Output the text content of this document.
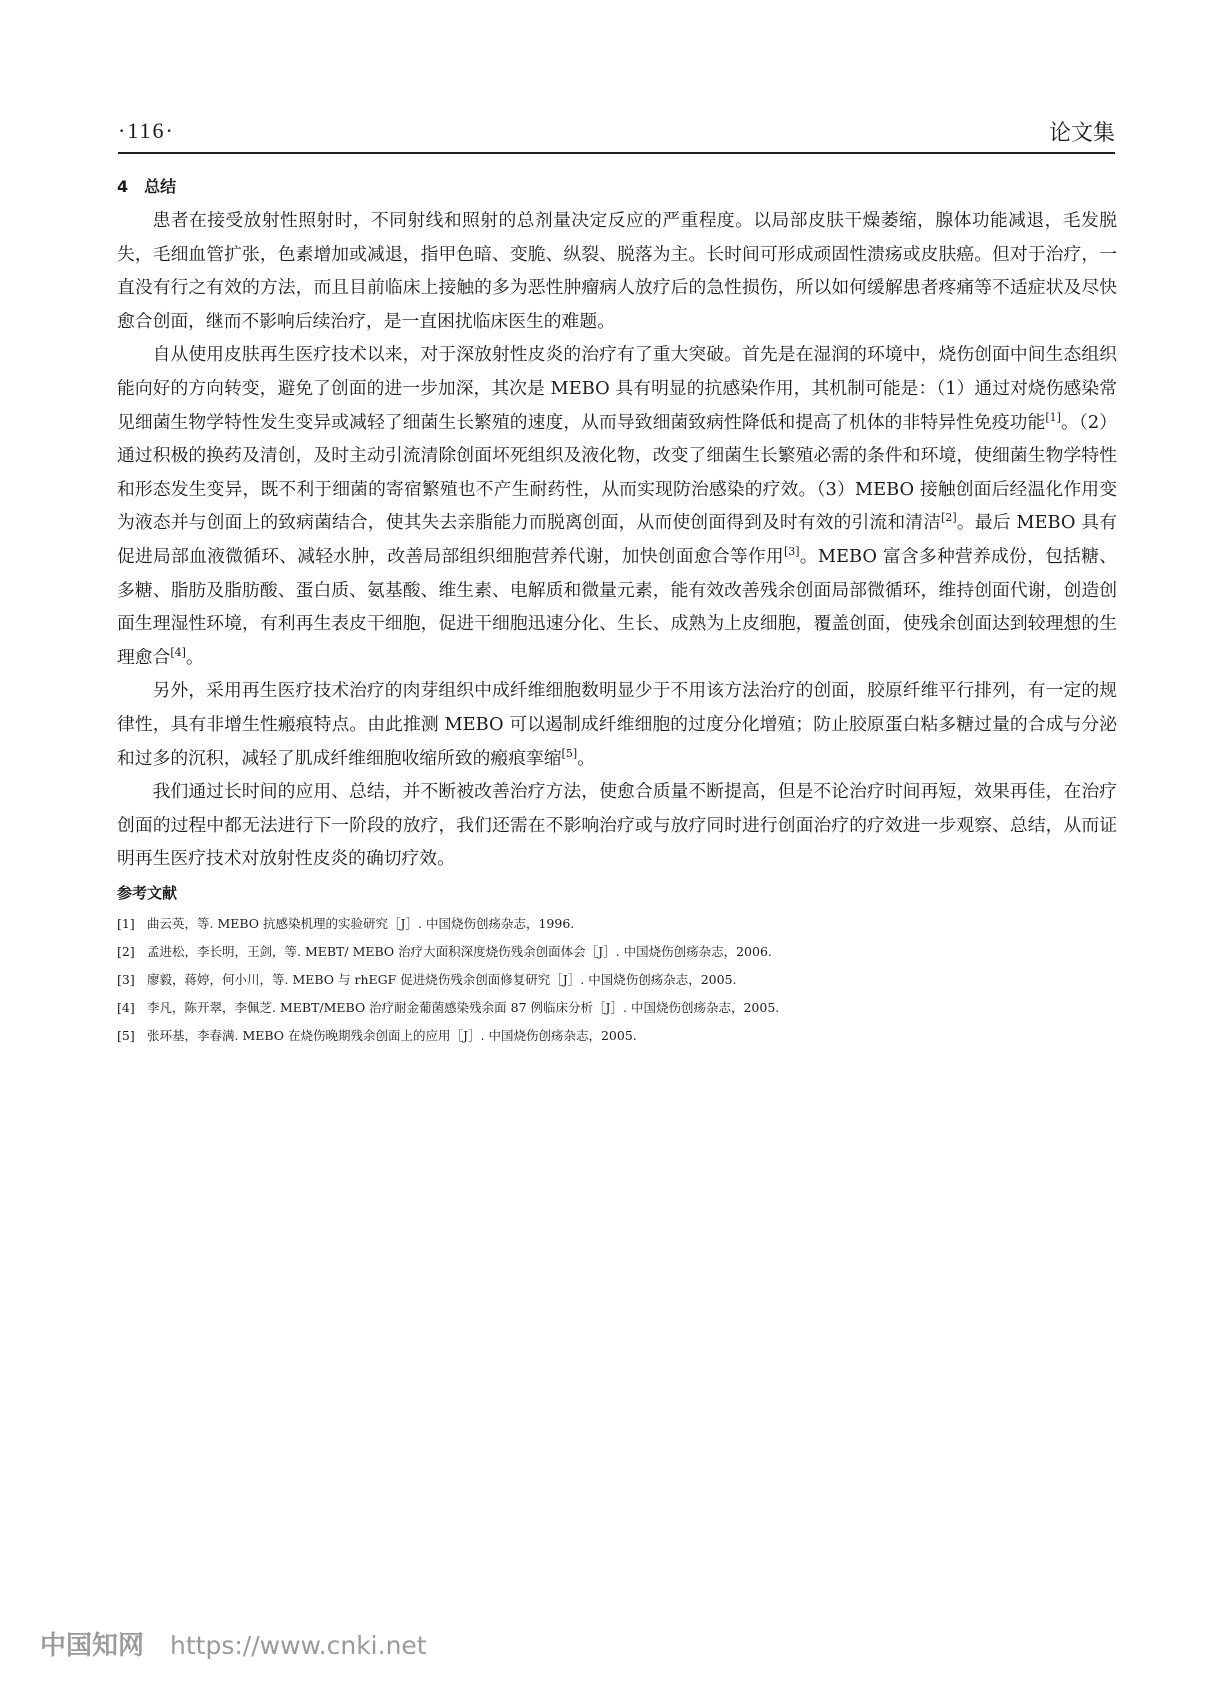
·116·	论文集
4 总结

患者在接受放射性照射时，不同射线和照射的总剂量决定反应的严重程度。以局部皮肤干燥萎缩，腺体功能减退，毛发脱失，毛细血管扩张，色素增加或减退，指甲色暗、变脆、纵裂、脱落为主。长时间可形成顽固性溃疡或皮肤癌。但对于治疗，一直没有行之有效的方法，而且目前临床上接触的多为恶性肿瘤病人放疗后的急性损伤，所以如何缓解患者疼痛等不适症状及尽快愈合创面，继而不影响后续治疗，是一直困扰临床医生的难题。

自从使用皮肤再生医疗技术以来，对于深放射性皮炎的治疗有了重大突破。首先是在湿润的环境中，烧伤创面中间生态组织能向好的方向转变，避免了创面的进一步加深，其次是 MEBO 具有明显的抗感染作用，其机制可能是：（1）通过对烧伤感染常见细菌生物学特性发生变异或减轻了细菌生长繁殖的速度，从而导致细菌致病性降低和提高了机体的非特异性免疫功能[1]。（2）通过积极的换药及清创，及时主动引流清除创面坏死组织及液化物，改变了细菌生长繁殖必需的条件和环境，使细菌生物学特性和形态发生变异，既不利于细菌的寄宿繁殖也不产生耐药性，从而实现防治感染的疗效。（3）MEBO 接触创面后经温化作用变为液态并与创面上的致病菌结合，使其失去亲脂能力而脱离创面，从而使创面得到及时有效的引流和清洁[2]。最后 MEBO 具有促进局部血液微循环、减轻水肿，改善局部组织细胞营养代谢，加快创面愈合等作用[3]。MEBO 富含多种营养成份，包括糖、多糖、脂肪及脂肪酸、蛋白质、氨基酸、维生素、电解质和微量元素，能有效改善残余创面局部微循环，维持创面代谢，创造创面生理湿性环境，有利再生表皮干细胞，促进干细胞迅速分化、生长、成熟为上皮细胞，覆盖创面，使残余创面达到较理想的生理愈合[4]。

另外，采用再生医疗技术治疗的肉芽组织中成纤维细胞数明显少于不用该方法治疗的创面，胶原纤维平行排列，有一定的规律性，具有非增生性瘢痕特点。由此推测 MEBO 可以遏制成纤维细胞的过度分化增殖；防止胶原蛋白粘多糖过量的合成与分泌和过多的沉积，减轻了肌成纤维细胞收缩所致的瘢痕挛缩[5]。

我们通过长时间的应用、总结，并不断被改善治疗方法，使愈合质量不断提高，但是不论治疗时间再短，效果再佳，在治疗创面的过程中都无法进行下一阶段的放疗，我们还需在不影响治疗或与放疗同时进行创面治疗的疗效进一步观察、总结，从而证明再生医疗技术对放射性皮炎的确切疗效。

参考文献
[1] 曲云英，等. MEBO 抗感染机理的实验研究［J］. 中国烧伤创疡杂志，1996.
[2] 孟进松，李长明，王剑，等. MEBT/ MEBO 治疗大面积深度烧伤残余创面体会［J］. 中国烧伤创疡杂志，2006.
[3] 廖毅，蒋婷，何小川，等. MEBO 与 rhEGF 促进烧伤残余创面修复研究［J］. 中国烧伤创疡杂志，2005.
[4] 李凡，陈开翠，李佩芝. MEBT/MEBO 治疗耐金葡菌感染残余面 87 例临床分析［J］. 中国烧伤创疡杂志，2005.
[5] 张环基，李春满. MEBO 在烧伤晚期残余创面上的应用［J］. 中国烧伤创疡杂志，2005.
中国知网 https://www.cnki.net
